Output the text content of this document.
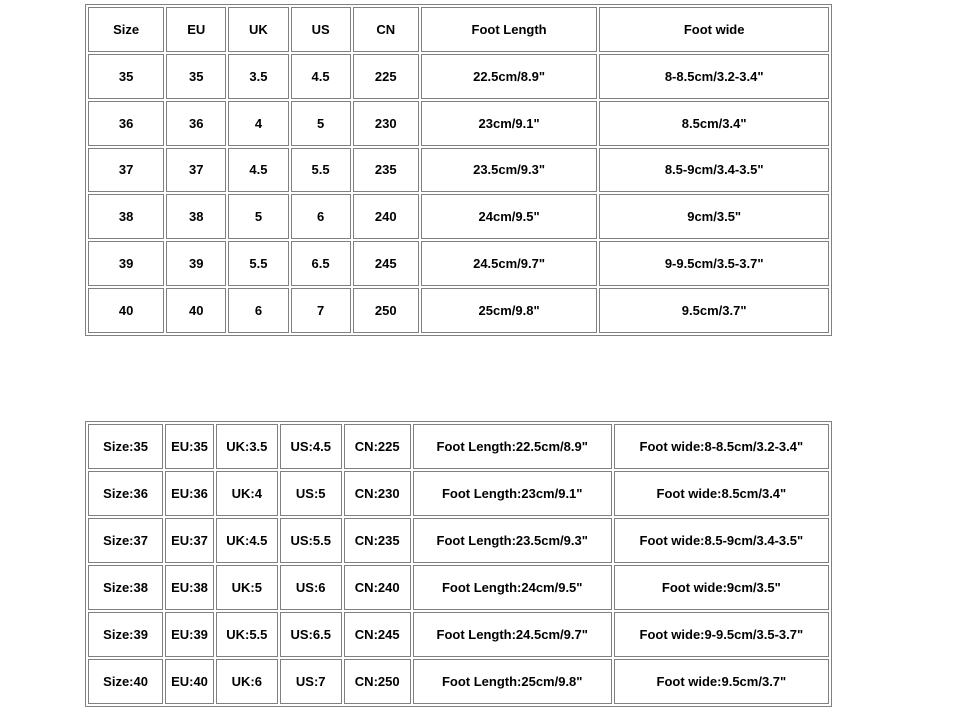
Size	EU	UK	US	CN	Foot Length	Foot wide
35	35	3.5	4.5	225	22.5cm/8.9"	8-8.5cm/3.2-3.4"
36	36	4	5	230	23cm/9.1"	8.5cm/3.4"
37	37	4.5	5.5	235	23.5cm/9.3"	8.5-9cm/3.4-3.5"
38	38	5	6	240	24cm/9.5"	9cm/3.5"
39	39	5.5	6.5	245	24.5cm/9.7"	9-9.5cm/3.5-3.7"
40	40	6	7	250	25cm/9.8"	9.5cm/3.7"
Size:35	EU:35	UK:3.5	US:4.5	CN:225	Foot Length:22.5cm/8.9"	Foot wide:8-8.5cm/3.2-3.4"
Size:36	EU:36	UK:4	US:5	CN:230	Foot Length:23cm/9.1"	Foot wide:8.5cm/3.4"
Size:37	EU:37	UK:4.5	US:5.5	CN:235	Foot Length:23.5cm/9.3"	Foot wide:8.5-9cm/3.4-3.5"
Size:38	EU:38	UK:5	US:6	CN:240	Foot Length:24cm/9.5"	Foot wide:9cm/3.5"
Size:39	EU:39	UK:5.5	US:6.5	CN:245	Foot Length:24.5cm/9.7"	Foot wide:9-9.5cm/3.5-3.7"
Size:40	EU:40	UK:6	US:7	CN:250	Foot Length:25cm/9.8"	Foot wide:9.5cm/3.7"
